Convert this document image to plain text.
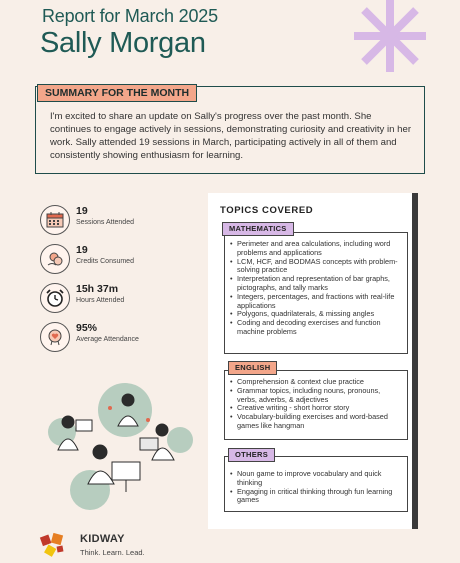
Report for March 2025
Sally Morgan
SUMMARY FOR THE MONTH
I'm excited to share an update on Sally's progress over the past month. She continues to engage actively in sessions, demonstrating curiosity and creativity in her work. Sally attended 19 sessions in March, participating actively in all of them and consistently showing enthusiasm for learning.
19
Sessions Attended
19
Credits Consumed
15h 37m
Hours Attended
95%
Average Attendance
TOPICS COVERED
MATHEMATICS
• Perimeter and area calculations, including word problems and applications
• LCM, HCF, and BODMAS concepts with problem-solving practice
• Interpretation and representation of bar graphs, pictographs, and tally marks
• Integers, percentages, and fractions with real-life applications
• Polygons, quadrilaterals, & missing angles
• Coding and decoding exercises and function machine problems
ENGLISH
• Comprehension & context clue practice
• Grammar topics, including nouns, pronouns, verbs, adverbs, & adjectives
• Creative writing - short horror story
• Vocabulary-building exercises and word-based games like hangman
OTHERS
• Noun game to improve vocabulary and quick thinking
• Engaging in critical thinking through fun learning games
KIDWAY
Think. Learn. Lead.
